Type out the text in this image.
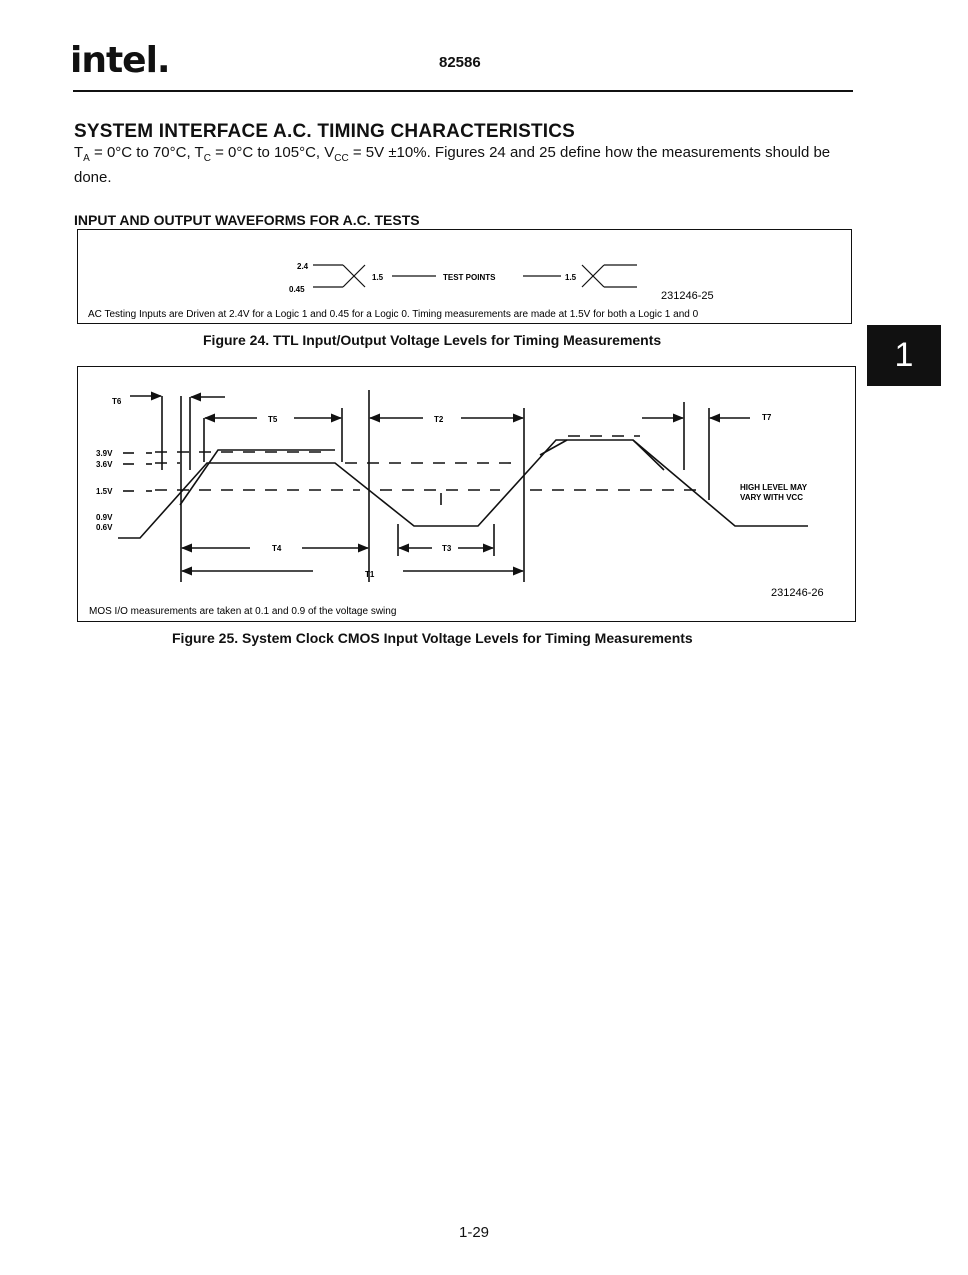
intel.	82586
SYSTEM INTERFACE A.C. TIMING CHARACTERISTICS
$T_A = 0^\circ C$ to 70°C, $T_C = 0^\circ C$ to 105°C, $V_{CC} = 5V \pm 10\%$. Figures 24 and 25 define how the measurements should be done.
INPUT AND OUTPUT WAVEFORMS FOR A.C. TESTS
2.4
0.45
1.5	TEST POINTS	1.5
231246-25
AC Testing Inputs are Driven at 2.4V for a Logic 1 and 0.45 for a Logic 0. Timing measurements are made at 1.5V for both a Logic 1 and 0
Figure 24. TTL Input/Output Voltage Levels for Timing Measurements
T6
T5	T2	T7
T4	T3
T1
3.9V
3.6V
1.5V
0.9V
0.6V
HIGH LEVEL MAY
VARY WITH VCC
231246-26
MOS I/O measurements are taken at 0.1 and 0.9 of the voltage swing
Figure 25. System Clock CMOS Input Voltage Levels for Timing Measurements
1
1-29
